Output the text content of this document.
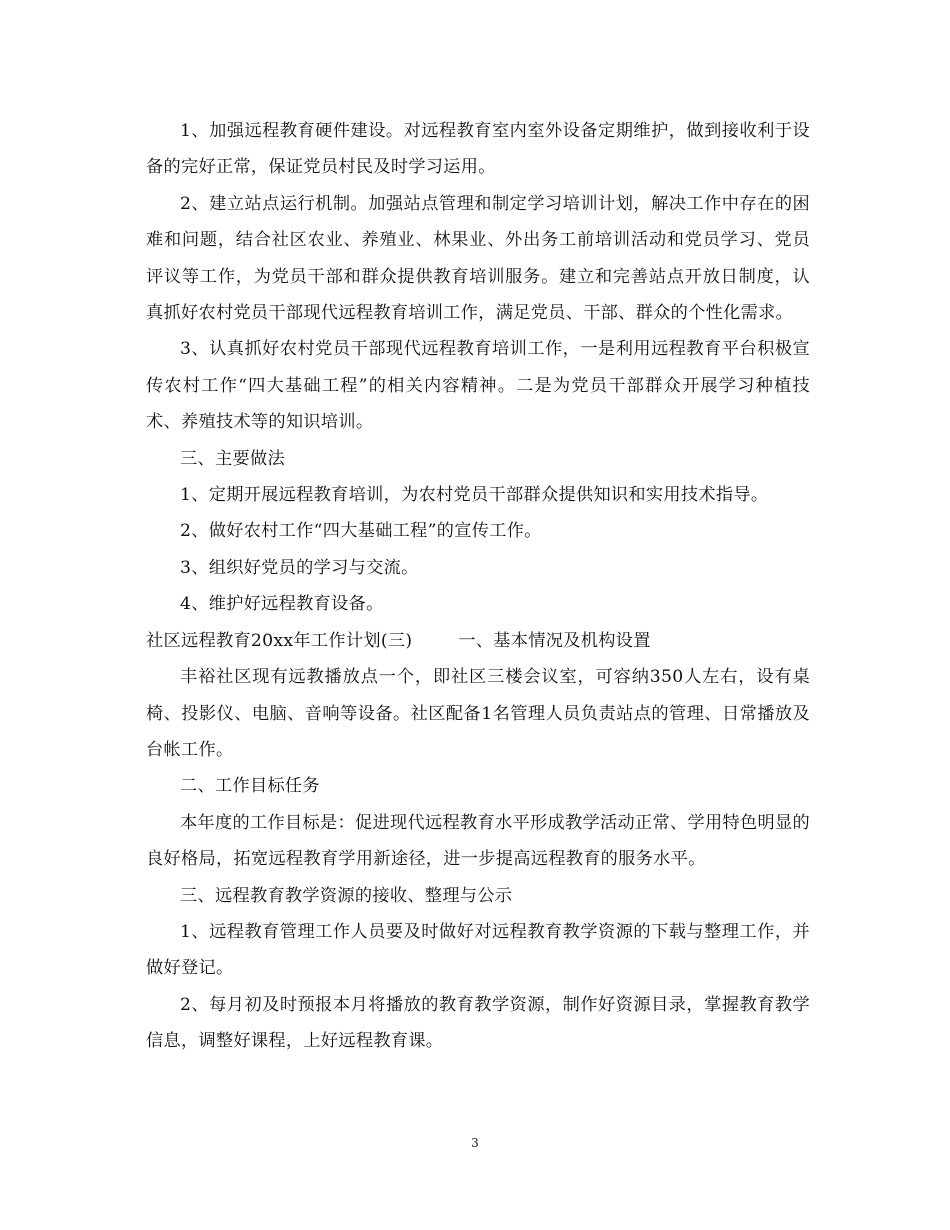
1、加强远程教育硬件建设。对远程教育室内室外设备定期维护，做到接收利于设备的完好正常，保证党员村民及时学习运用。

2、建立站点运行机制。加强站点管理和制定学习培训计划，解决工作中存在的困难和问题，结合社区农业、养殖业、林果业、外出务工前培训活动和党员学习、党员评议等工作，为党员干部和群众提供教育培训服务。建立和完善站点开放日制度，认真抓好农村党员干部现代远程教育培训工作，满足党员、干部、群众的个性化需求。

3、认真抓好农村党员干部现代远程教育培训工作，一是利用远程教育平台积极宣传农村工作“四大基础工程”的相关内容精神。二是为党员干部群众开展学习种植技术、养殖技术等的知识培训。

三、主要做法

1、定期开展远程教育培训，为农村党员干部群众提供知识和实用技术指导。

2、做好农村工作“四大基础工程”的宣传工作。

3、组织好党员的学习与交流。

4、维护好远程教育设备。

社区远程教育20xx年工作计划(三)	一、基本情况及机构设置

丰裕社区现有远教播放点一个，即社区三楼会议室，可容纳350人左右，设有桌椅、投影仪、电脑、音响等设备。社区配备1名管理人员负责站点的管理、日常播放及台帐工作。

二、工作目标任务

本年度的工作目标是：促进现代远程教育水平形成教学活动正常、学用特色明显的良好格局，拓宽远程教育学用新途径，进一步提高远程教育的服务水平。

三、远程教育教学资源的接收、整理与公示

1、远程教育管理工作人员要及时做好对远程教育教学资源的下载与整理工作，并做好登记。

2、每月初及时预报本月将播放的教育教学资源，制作好资源目录，掌握教育教学信息，调整好课程，上好远程教育课。

3
